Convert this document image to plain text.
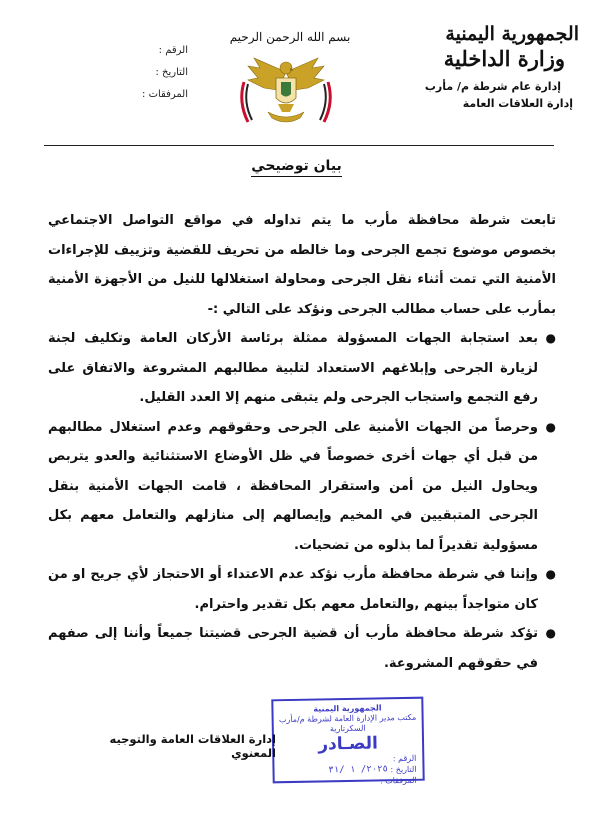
الجمهورية اليمنية
وزارة الداخلية
إدارة عام شرطة م/ مأرب
إدارة العلاقات العامة
بسم الله الرحمن الرحيم
الرقم :
التاريخ :
المرفقات :
بيان توضيحي

تابعت شرطة محافظة مأرب ما يتم تداوله في مواقع التواصل الاجتماعي بخصوص موضوع تجمع الجرحى وما خالطه من تحريف للقضية وتزييف للإجراءات الأمنية التي تمت أثناء نقل الجرحى ومحاولة استغلالها للنيل من الأجهزة الأمنية بمأرب على حساب مطالب الجرحى ونؤكد على التالي :-

●
بعد استجابة الجهات المسؤولة ممثلة برئاسة الأركان العامة وتكليف لجنة لزيارة الجرحى وإبلاغهم الاستعداد لتلبية مطالبهم المشروعة والاتفاق على رفع التجمع واستجاب الجرحى ولم يتبقى منهم إلا العدد القليل.
●
وحرصاً من الجهات الأمنية على الجرحى وحقوقهم وعدم استغلال مطالبهم من قبل أي جهات أخرى خصوصاً في ظل الأوضاع الاستثنائية والعدو يتربص ويحاول النيل من أمن واستقرار المحافظة ، قامت الجهات الأمنية بنقل الجرحى المتبقيين في المخيم وإيصالهم إلى منازلهم والتعامل معهم بكل مسؤولية تقديراً لما بذلوه من تضحيات.
●
وإننا في شرطة محافظة مأرب نؤكد عدم الاعتداء أو الاحتجاز لأي جريح او من كان متواجداً بينهم ,والتعامل معهم بكل تقدير واحترام.
●
تؤكد شرطة محافظة مأرب أن قضية الجرحى قضيتنا جميعاً وأننا إلى صفهم في حقوقهم المشروعة.
الجمهورية اليمنية
مكتب مدير الإدارة العامة لشرطة م/مأرب
السكرتارية
الصـادر
الرقم :
التاريخ :

٢٠٢٥/ ١ /٣١
المرفقات :
إدارة العلاقات العامة والتوجيه المعنوي
